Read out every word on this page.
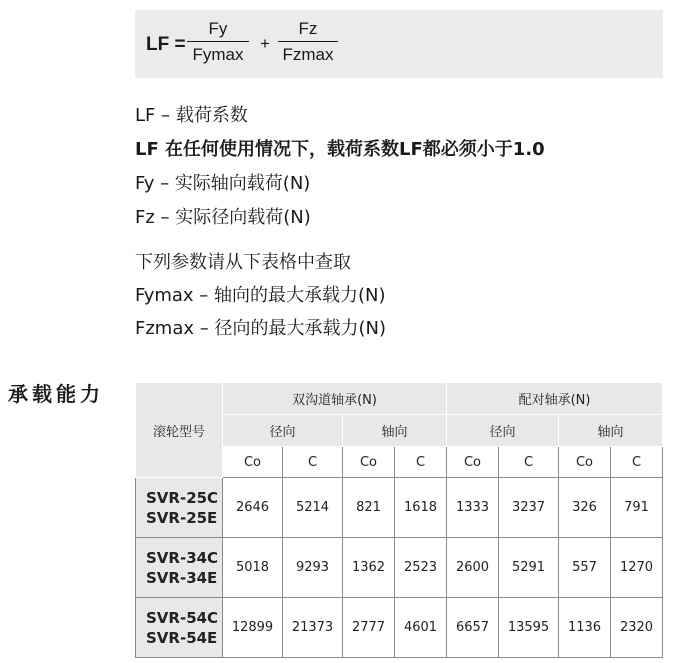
LF =
Fy
Fymax
+
Fz
Fzmax
LF – 载荷系数
LF 在任何使用情况下，载荷系数LF都必须小于1.0
Fy – 实际轴向载荷(N)
Fz – 实际径向载荷(N)
下列参数请从下表格中查取
Fymax – 轴向的最大承载力(N)
Fzmax – 径向的最大承载力(N)
承载能力
滚轮型号	双沟道轴承(N)				配对轴承(N)			
	径向		轴向		径向		轴向	
	Co	C	Co	C	Co	C	Co	C

SVR-25C
SVR-25E	2646	5214	821	1618	1333	3237	326	791

SVR-34C
SVR-34E	5018	9293	1362	2523	2600	5291	557	1270

SVR-54C
SVR-54E	12899	21373	2777	4601	6657	13595	1136	2320
